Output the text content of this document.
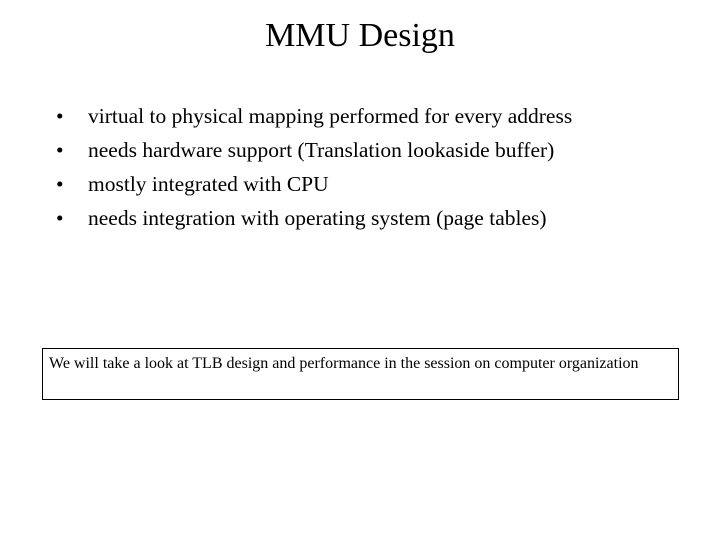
MMU Design
•	virtual to physical mapping performed for every address
•	needs hardware support (Translation lookaside buffer)
•	mostly integrated with CPU
•	needs integration with operating system (page tables)
We will take a look at TLB design and performance in the session on computer organization
